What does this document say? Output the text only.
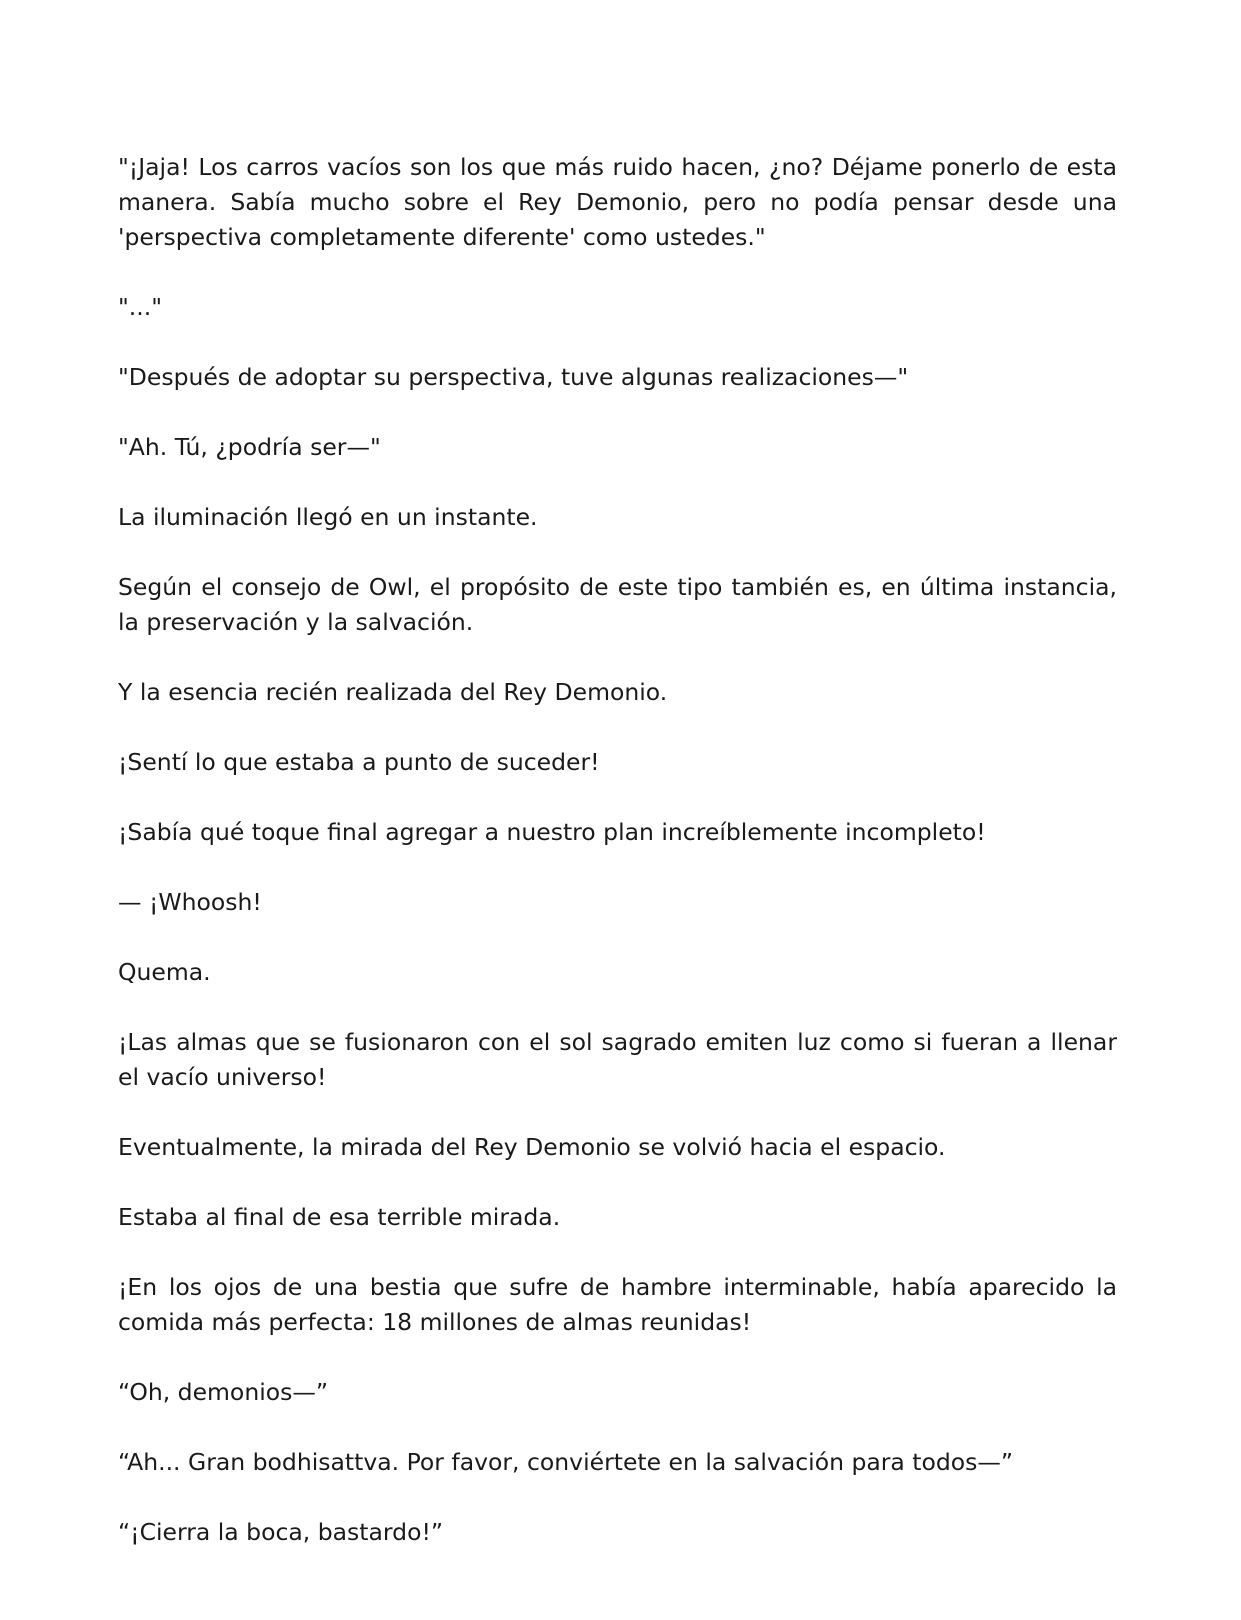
"¡Jaja! Los carros vacíos son los que más ruido hacen, ¿no? Déjame ponerlo de esta manera. Sabía mucho sobre el Rey Demonio, pero no podía pensar desde una 'perspectiva completamente diferente' como ustedes."

"..."

"Después de adoptar su perspectiva, tuve algunas realizaciones—"

"Ah. Tú, ¿podría ser—"

La iluminación llegó en un instante.

Según el consejo de Owl, el propósito de este tipo también es, en última instancia, la preservación y la salvación.

Y la esencia recién realizada del Rey Demonio.

¡Sentí lo que estaba a punto de suceder!

¡Sabía qué toque final agregar a nuestro plan increíblemente incompleto!

— ¡Whoosh!

Quema.

¡Las almas que se fusionaron con el sol sagrado emiten luz como si fueran a llenar el vacío universo!

Eventualmente, la mirada del Rey Demonio se volvió hacia el espacio.

Estaba al final de esa terrible mirada.

¡En los ojos de una bestia que sufre de hambre interminable, había aparecido la comida más perfecta: 18 millones de almas reunidas!

“Oh, demonios—”

“Ah... Gran bodhisattva. Por favor, conviértete en la salvación para todos—”

“¡Cierra la boca, bastardo!”
